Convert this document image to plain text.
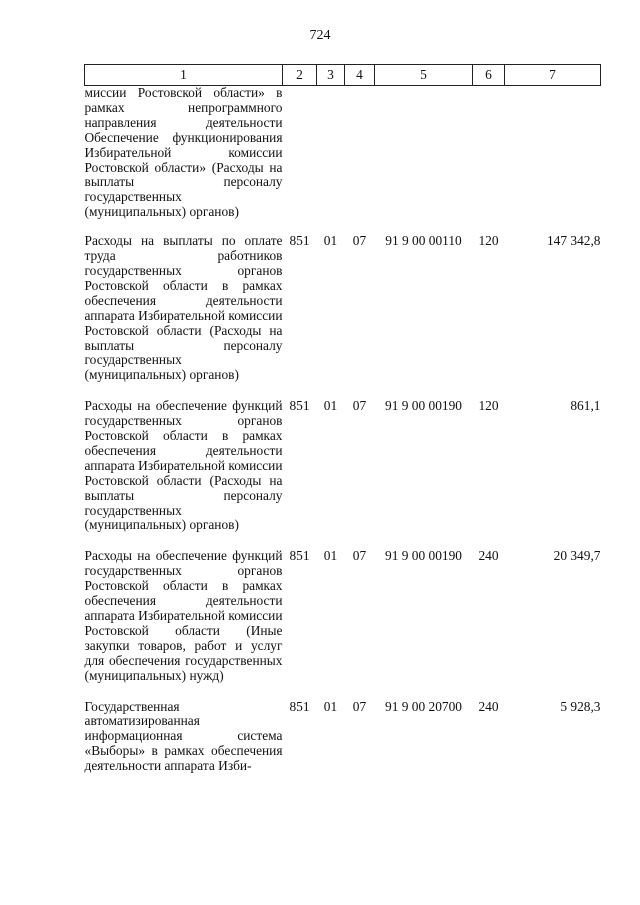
724
1	2	3	4	5	6	7
миссии Ростовской области» в рамках непрограммного направления деятельности Обеспечение функционирования Избирательной комиссии Ростовской области» (Расходы на выплаты персоналу государственных (муниципальных) органов)						
Расходы на выплаты по оплате труда работников государственных органов Ростовской области в рамках обеспечения деятельности аппарата Избирательной комиссии Ростовской области (Расходы на выплаты персоналу государственных (муниципальных) органов)	851	01	07	91 9 00 00110	120	147 342,8
Расходы на обеспечение функций государственных органов Ростовской области в рамках обеспечения деятельности аппарата Избирательной комиссии Ростовской области (Расходы на выплаты персоналу государственных (муниципальных) органов)	851	01	07	91 9 00 00190	120	861,1
Расходы на обеспечение функций государственных органов Ростовской области в рамках обеспечения деятельности аппарата Избирательной комиссии Ростовской области (Иные закупки товаров, работ и услуг для обеспечения государственных (муниципальных) нужд)	851	01	07	91 9 00 00190	240	20 349,7
Государственная автоматизированная информационная система «Выборы» в рамках обеспечения деятельности аппарата Изби-	851	01	07	91 9 00 20700	240	5 928,3
